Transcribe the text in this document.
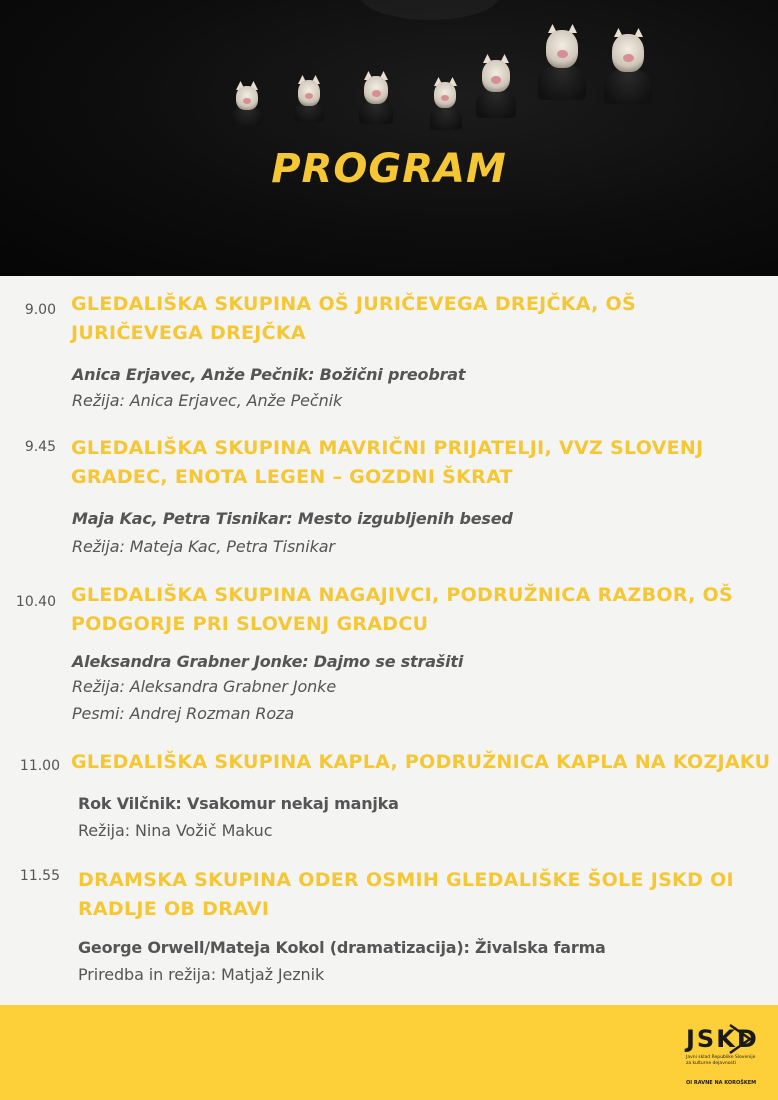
PROGRAM
9.00 GLEDALIŠKA SKUPINA OŠ JURIČEVEGA DREJČKA, OŠ JURIČEVEGA DREJČKA
Anica Erjavec, Anže Pečnik: Božični preobrat
Režija: Anica Erjavec, Anže Pečnik
9.45 GLEDALIŠKA SKUPINA MAVRIČNI PRIJATELJI, VVZ SLOVENJ GRADEC, ENOTA LEGEN – GOZDNI ŠKRAT
Maja Kac, Petra Tisnikar: Mesto izgubljenih besed
Režija: Mateja Kac, Petra Tisnikar
10.40 GLEDALIŠKA SKUPINA NAGAJIVCI, PODRUŽNICA RAZBOR, OŠ PODGORJE PRI SLOVENJ GRADCU
Aleksandra Grabner Jonke: Dajmo se strašiti
Režija: Aleksandra Grabner Jonke
Pesmi: Andrej Rozman Roza
11.00 GLEDALIŠKA SKUPINA KAPLA, PODRUŽNICA KAPLA NA KOZJAKU
Rok Vilčnik: Vsakomur nekaj manjka
Režija: Nina Vožič Makuc
11.55 DRAMSKA SKUPINA ODER OSMIH GLEDALIŠKE ŠOLE JSKD OI RADLJE OB DRAVI
George Orwell/Mateja Kokol (dramatizacija): Živalska farma
Priredba in režija: Matjaž Jeznik
JSKD
Javni sklad Republike Slovenije za kulturne dejavnosti
OI RAVNE NA KOROŠKEM
